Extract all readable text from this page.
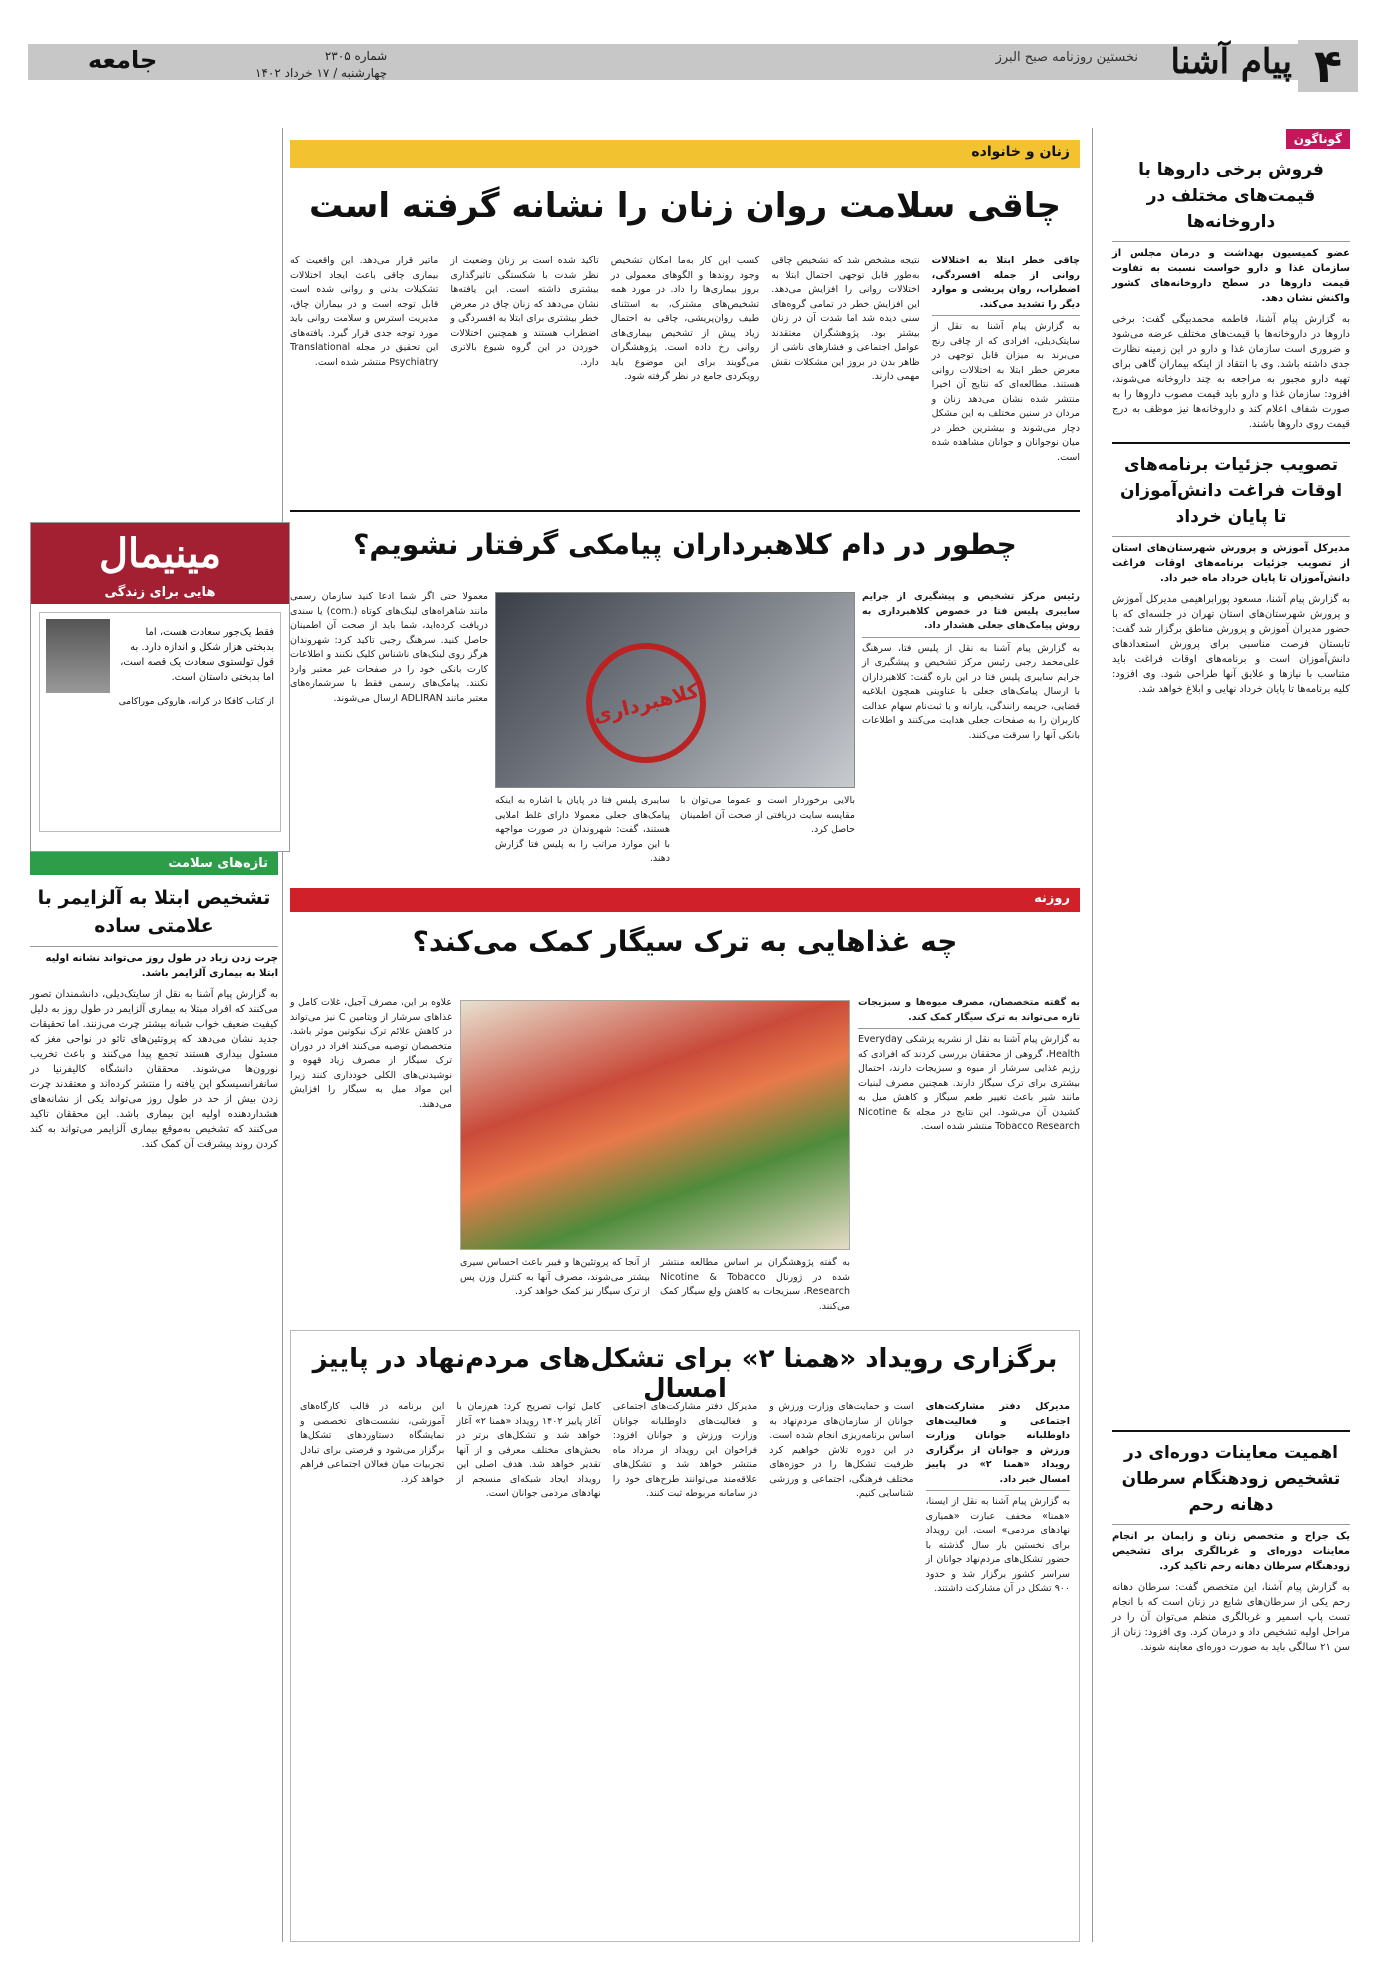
۴
پیام آشنا
نخستین روزنامه صبح البرز
شماره ۲۳۰۵
چهارشنبه / ۱۷ خرداد ۱۴۰۲
جامعه
گوناگون
فروش برخی داروها با قیمت‌های مختلف در داروخانه‌ها
عضو کمیسیون بهداشت و درمان مجلس از سازمان غذا و دارو خواست نسبت به تفاوت قیمت داروها در سطح داروخانه‌های کشور واکنش نشان دهد.
به گزارش پیام آشنا، فاطمه محمدبیگی گفت: برخی داروها در داروخانه‌ها با قیمت‌های مختلف عرضه می‌شود و ضروری است سازمان غذا و دارو در این زمینه نظارت جدی داشته باشد. وی با انتقاد از اینکه بیماران گاهی برای تهیه دارو مجبور به مراجعه به چند داروخانه می‌شوند، افزود: سازمان غذا و دارو باید قیمت مصوب داروها را به صورت شفاف اعلام کند و داروخانه‌ها نیز موظف به درج قیمت روی داروها باشند.
تصویب جزئیات برنامه‌های اوقات فراغت دانش‌آموزان تا پایان خرداد
مدیرکل آموزش و پرورش شهرستان‌های استان از تصویب جزئیات برنامه‌های اوقات فراغت دانش‌آموزان تا پایان خرداد ماه خبر داد.
به گزارش پیام آشنا، مسعود پورابراهیمی مدیرکل آموزش و پرورش شهرستان‌های استان تهران در جلسه‌ای که با حضور مدیران آموزش و پرورش مناطق برگزار شد گفت: تابستان فرصت مناسبی برای پرورش استعدادهای دانش‌آموزان است و برنامه‌های اوقات فراغت باید متناسب با نیازها و علایق آنها طراحی شود. وی افزود: کلیه برنامه‌ها تا پایان خرداد نهایی و ابلاغ خواهد شد.
اهمیت معاینات دوره‌ای در تشخیص زودهنگام سرطان دهانه رحم
یک جراح و متخصص زنان و زایمان بر انجام معاینات دوره‌ای و غربالگری برای تشخیص زودهنگام سرطان دهانه رحم تاکید کرد.
به گزارش پیام آشنا، این متخصص گفت: سرطان دهانه رحم یکی از سرطان‌های شایع در زنان است که با انجام تست پاپ اسمیر و غربالگری منظم می‌توان آن را در مراحل اولیه تشخیص داد و درمان کرد. وی افزود: زنان از سن ۲۱ سالگی باید به صورت دوره‌ای معاینه شوند.
زنان و خانواده
چاقی سلامت روان زنان را نشانه گرفته است
چاقی خطر ابتلا به اختلالات روانی از جمله افسردگی، اضطراب، روان پریشی و موارد دیگر را تشدید می‌کند.
به گزارش پیام آشنا به نقل از سایتک‌دیلی، افرادی که از چاقی رنج می‌برند به میزان قابل توجهی در معرض خطر ابتلا به اختلالات روانی هستند. مطالعه‌ای که نتایج آن اخیرا منتشر شده نشان می‌دهد زنان و مردان در سنین مختلف به این مشکل دچار می‌شوند و بیشترین خطر در میان نوجوانان و جوانان مشاهده شده است.
نتیجه مشخص شد که تشخیص چاقی به‌طور قابل توجهی احتمال ابتلا به اختلالات روانی را افزایش می‌دهد. این افزایش خطر در تمامی گروه‌های سنی دیده شد اما شدت آن در زنان بیشتر بود. پژوهشگران معتقدند عوامل اجتماعی و فشارهای ناشی از ظاهر بدن در بروز این مشکلات نقش مهمی دارند.
کسب این کار به‌ما امکان تشخیص وجود روندها و الگوهای معمولی در بروز بیماری‌ها را داد. در مورد همه تشخیص‌های مشترک، به استثنای طیف روان‌پریشی، چاقی به احتمال زیاد پیش از تشخیص بیماری‌های روانی رخ داده است. پژوهشگران می‌گویند برای این موضوع باید رویکردی جامع در نظر گرفته شود.
تاکید شده است بر زنان وضعیت از نظر شدت با شکستگی تاثیرگذاری بیشتری داشته است. این یافته‌ها نشان می‌دهد که زنان چاق در معرض خطر بیشتری برای ابتلا به افسردگی و اضطراب هستند و همچنین اختلالات خوردن در این گروه شیوع بالاتری دارد.
ماتیر قرار می‌دهد. این واقعیت که بیماری چاقی باعث ایجاد اختلالات تشکیلات بدنی و روانی شده است قابل توجه است و در بیماران چاق، مدیریت استرس و سلامت روانی باید مورد توجه جدی قرار گیرد. یافته‌های این تحقیق در مجله Translational Psychiatry منتشر شده است.
چطور در دام کلاهبرداران پیامکی گرفتار نشویم؟
رئیس مرکز تشخیص و پیشگیری از جرایم سایبری پلیس فتا در خصوص کلاهبرداری به روش پیامک‌های جعلی هشدار داد.
به گزارش پیام آشنا به نقل از پلیس فتا، سرهنگ علی‌محمد رجبی رئیس مرکز تشخیص و پیشگیری از جرایم سایبری پلیس فتا در این باره گفت: کلاهبرداران با ارسال پیامک‌های جعلی با عناوینی همچون ابلاغیه قضایی، جریمه رانندگی، یارانه و یا ثبت‌نام سهام عدالت کاربران را به صفحات جعلی هدایت می‌کنند و اطلاعات بانکی آنها را سرقت می‌کنند.
کلاهبرداری
معمولا حتی اگر شما ادعا کنید سازمان رسمی مانند شاهراه‌های لینک‌های کوتاه (.com) یا سندی دریافت کرده‌اید، شما باید از صحت آن اطمینان حاصل کنید. سرهنگ رجبی تاکید کرد: شهروندان هرگز روی لینک‌های ناشناس کلیک نکنند و اطلاعات کارت بانکی خود را در صفحات غیر معتبر وارد نکنند. پیامک‌های رسمی فقط با سرشماره‌های معتبر مانند ADLIRAN ارسال می‌شوند.
بالایی برخوردار است و عموما می‌توان با مقایسه سایت دریافتی از صحت آن اطمینان حاصل کرد.
سایبری پلیس فتا در پایان با اشاره به اینکه پیامک‌های جعلی معمولا دارای غلط املایی هستند، گفت: شهروندان در صورت مواجهه با این موارد مراتب را به پلیس فتا گزارش دهند.
روزنه
چه غذاهایی به ترک سیگار کمک می‌کند؟
به گفته متخصصان، مصرف میوه‌ها و سبزیجات تازه می‌تواند به ترک سیگار کمک کند.
به گزارش پیام آشنا به نقل از نشریه پزشکی Everyday Health، گروهی از محققان بررسی کردند که افرادی که رژیم غذایی سرشار از میوه و سبزیجات دارند، احتمال بیشتری برای ترک سیگار دارند. همچنین مصرف لبنیات مانند شیر باعث تغییر طعم سیگار و کاهش میل به کشیدن آن می‌شود. این نتایج در مجله Nicotine & Tobacco Research منتشر شده است.
علاوه بر این، مصرف آجیل، غلات کامل و غذاهای سرشار از ویتامین C نیز می‌تواند در کاهش علائم ترک نیکوتین موثر باشد. متخصصان توصیه می‌کنند افراد در دوران ترک سیگار از مصرف زیاد قهوه و نوشیدنی‌های الکلی خودداری کنند زیرا این مواد میل به سیگار را افزایش می‌دهند.
به گفته پژوهشگران بر اساس مطالعه منتشر شده در ژورنال Nicotine & Tobacco Research، سبزیجات به کاهش ولع سیگار کمک می‌کنند.
از آنجا که پروتئین‌ها و فیبر باعث احساس سیری بیشتر می‌شوند، مصرف آنها به کنترل وزن پس از ترک سیگار نیز کمک خواهد کرد.
برگزاری رویداد «همنا ۲» برای تشکل‌های مردم‌نهاد در پاییز امسال
مدیرکل دفتر مشارکت‌های اجتماعی و فعالیت‌های داوطلبانه جوانان وزارت ورزش و جوانان از برگزاری رویداد «همنا ۲» در پاییز امسال خبر داد.
به گزارش پیام آشنا به نقل از ایسنا، «همنا» مخفف عبارت «همیاری نهادهای مردمی» است. این رویداد برای نخستین بار سال گذشته با حضور تشکل‌های مردم‌نهاد جوانان از سراسر کشور برگزار شد و حدود ۹۰۰ تشکل در آن مشارکت داشتند.
است و حمایت‌های وزارت ورزش و جوانان از سازمان‌های مردم‌نهاد به اساس برنامه‌ریزی انجام شده است. در این دوره تلاش خواهیم کرد ظرفیت تشکل‌ها را در حوزه‌های مختلف فرهنگی، اجتماعی و ورزشی شناسایی کنیم.
مدیرکل دفتر مشارکت‌های اجتماعی و فعالیت‌های داوطلبانه جوانان وزارت ورزش و جوانان افزود: فراخوان این رویداد از مرداد ماه منتشر خواهد شد و تشکل‌های علاقه‌مند می‌توانند طرح‌های خود را در سامانه مربوطه ثبت کنند.
کامل ثواب تصریح کرد: هم‌زمان با آغاز پاییز ۱۴۰۲ رویداد «همنا ۲» آغاز خواهد شد و تشکل‌های برتر در بخش‌های مختلف معرفی و از آنها تقدیر خواهد شد. هدف اصلی این رویداد ایجاد شبکه‌ای منسجم از نهادهای مردمی جوانان است.
این برنامه در قالب کارگاه‌های آموزشی، نشست‌های تخصصی و نمایشگاه دستاوردهای تشکل‌ها برگزار می‌شود و فرصتی برای تبادل تجربیات میان فعالان اجتماعی فراهم خواهد کرد.
مینیمال
هایی برای زندگی
فقط یک‌جور سعادت هست، اما بدبختی هزار شکل و اندازه دارد. به قول تولستوی سعادت یک قصه است، اما بدبختی داستان است.
از کتاب کافکا در کرانه، هاروکی موراکامی
تازه‌های سلامت
تشخیص ابتلا به آلزایمر با علامتی ساده
چرت زدن زیاد در طول روز می‌تواند نشانه اولیه ابتلا به بیماری آلزایمر باشد.
به گزارش پیام آشنا به نقل از سایتک‌دیلی، دانشمندان تصور می‌کنند که افراد مبتلا به بیماری آلزایمر در طول روز به دلیل کیفیت ضعیف خواب شبانه بیشتر چرت می‌زنند. اما تحقیقات جدید نشان می‌دهد که پروتئین‌های تائو در نواحی مغز که مسئول بیداری هستند تجمع پیدا می‌کنند و باعث تخریب نورون‌ها می‌شوند. محققان دانشگاه کالیفرنیا در سانفرانسیسکو این یافته را منتشر کرده‌اند و معتقدند چرت زدن بیش از حد در طول روز می‌تواند یکی از نشانه‌های هشداردهنده اولیه این بیماری باشد. این محققان تاکید می‌کنند که تشخیص به‌موقع بیماری آلزایمر می‌تواند به کند کردن روند پیشرفت آن کمک کند.
